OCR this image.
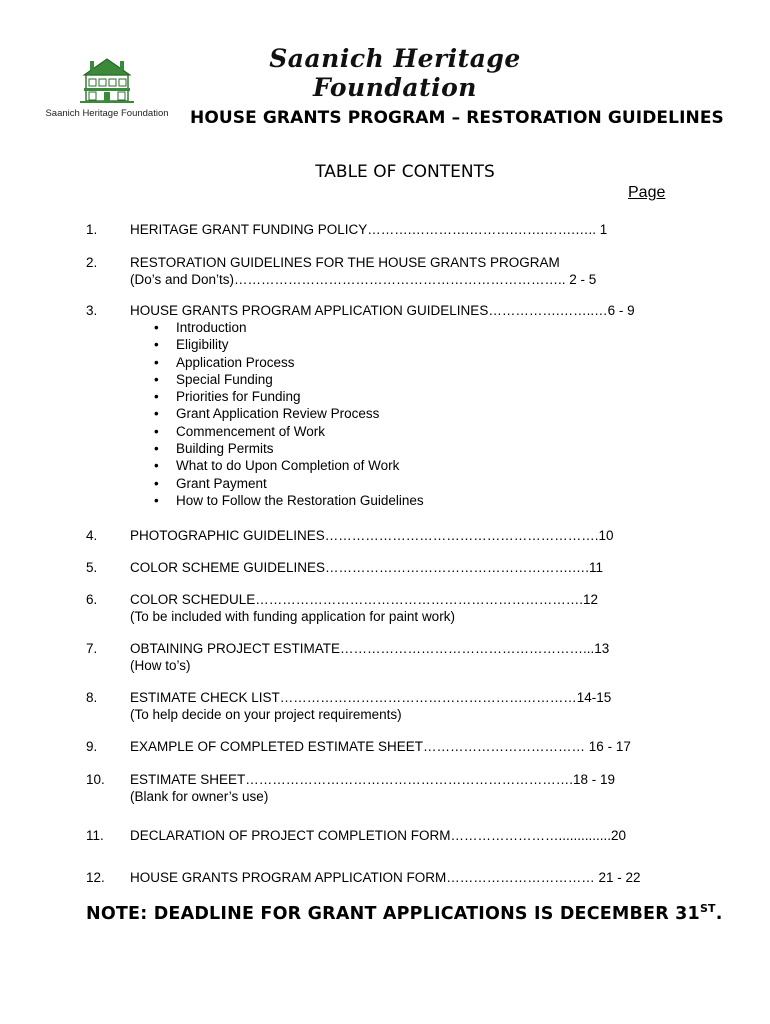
Saanich Heritage Foundation
Saanich Heritage Foundation	HOUSE GRANTS PROGRAM – RESTORATION GUIDELINES
TABLE OF CONTENTS
Page
1. HERITAGE GRANT FUNDING POLICY……….………….……….…….…….….. 1
2. RESTORATION GUIDELINES FOR THE HOUSE GRANTS PROGRAM
(Do’s and Don’ts)……………………………………………………………….. 2 - 5
3. HOUSE GRANTS PROGRAM APPLICATION GUIDELINES…………….……..…6 - 9
• Introduction
• Eligibility
• Application Process
• Special Funding
• Priorities for Funding
• Grant Application Review Process
• Commencement of Work
• Building Permits
• What to do Upon Completion of Work
• Grant Payment
• How to Follow the Restoration Guidelines
4. PHOTOGRAPHIC GUIDELINES…………………………………………………….10
5. COLOR SCHEME GUIDELINES……………………………………………….….11
6. COLOR SCHEDULE……………………………………………………………….12
(To be included with funding application for paint work)
7. OBTAINING PROJECT ESTIMATE………………………………………………...13
(How to’s)
8. ESTIMATE CHECK LIST…………………………………………………………14-15
(To help decide on your project requirements)
9. EXAMPLE OF COMPLETED ESTIMATE SHEET……………………………… 16 - 17
10. ESTIMATE SHEET……………………………………………………………….18 - 19
(Blank for owner’s use)
11. DECLARATION OF PROJECT COMPLETION FORM……………………..............20
12. HOUSE GRANTS PROGRAM APPLICATION FORM…………………………… 21 - 22
NOTE: DEADLINE FOR GRANT APPLICATIONS IS DECEMBER 31ST.
